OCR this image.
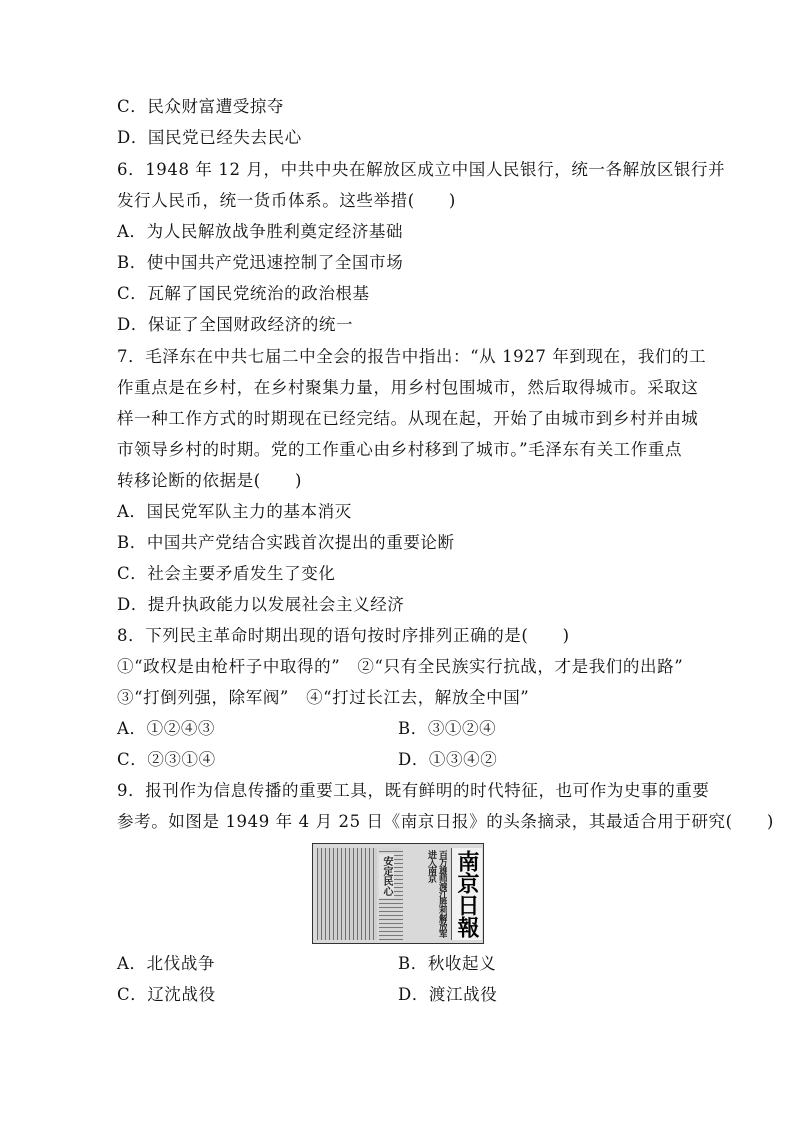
C．民众财富遭受掠夺
D．国民党已经失去民心
6．1948 年 12 月，中共中央在解放区成立中国人民银行，统一各解放区银行并
发行人民币，统一货币体系。这些举措(　　)
A．为人民解放战争胜利奠定经济基础
B．使中国共产党迅速控制了全国市场
C．瓦解了国民党统治的政治根基
D．保证了全国财政经济的统一
7．毛泽东在中共七届二中全会的报告中指出：“从 1927 年到现在，我们的工
作重点是在乡村，在乡村聚集力量，用乡村包围城市，然后取得城市。采取这
样一种工作方式的时期现在已经完结。从现在起，开始了由城市到乡村并由城
市领导乡村的时期。党的工作重心由乡村移到了城市。”毛泽东有关工作重点
转移论断的依据是(　　)
A．国民党军队主力的基本消灭
B．中国共产党结合实践首次提出的重要论断
C．社会主要矛盾发生了变化
D．提升执政能力以发展社会主义经济
8．下列民主革命时期出现的语句按时序排列正确的是(　　)
①“政权是由枪杆子中取得的”　②“只有全民族实行抗战，才是我们的出路”
③“打倒列强，除军阀”　④“打过长江去，解放全中国”
A．①②④③	B．③①②④
C．②③①④	D．①③④②
9．报刊作为信息传播的重要工具，既有鲜明的时代特征，也可作为史事的重要
参考。如图是 1949 年 4 月 25 日《南京日报》的头条摘录，其最适合用于研究(　　)
安定民心	百万雄师渡江胜利解放军进入南京 南京日報
A．北伐战争	B．秋收起义
C．辽沈战役	D．渡江战役
